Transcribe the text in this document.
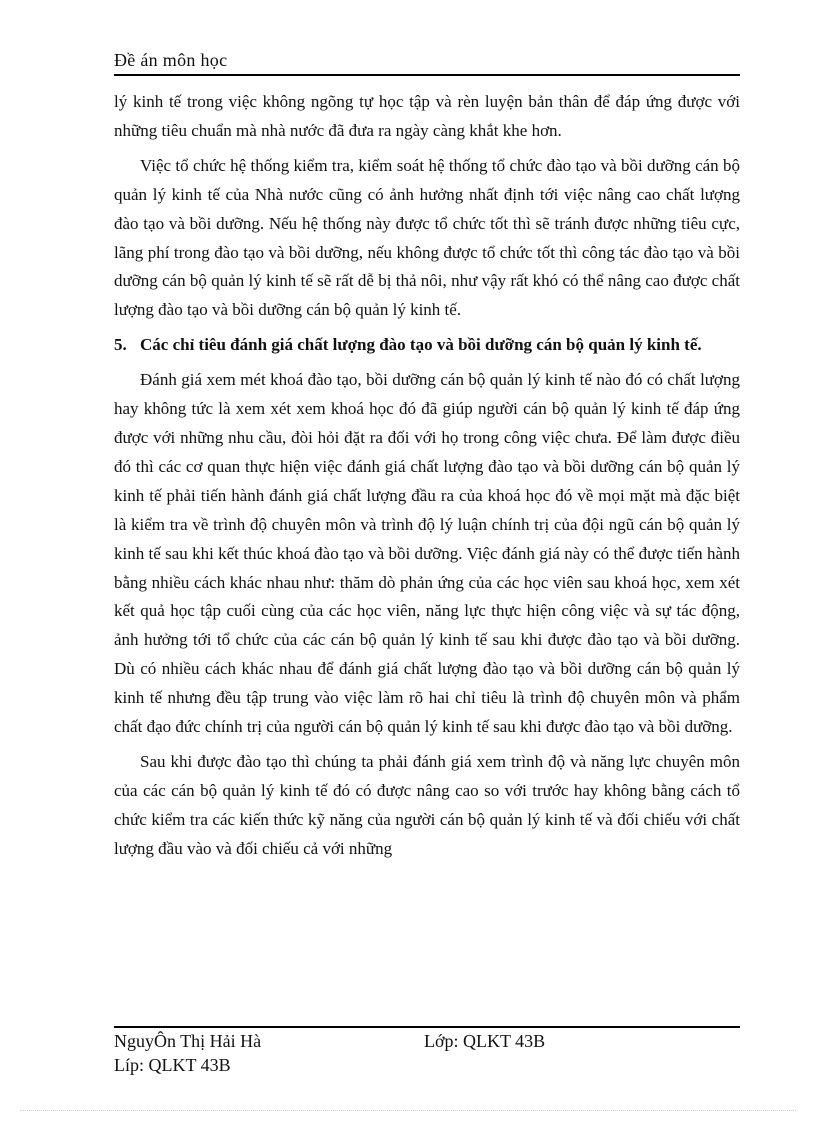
Đề án môn học

lý kinh tế trong việc không ngõng tự học tập và rèn luyện bản thân để đáp ứng được với những tiêu chuẩn mà nhà nước đã đưa ra ngày càng khắt khe hơn.

Việc tổ chức hệ thống kiểm tra, kiểm soát hệ thống tổ chức đào tạo và bồi dưỡng cán bộ quản lý kinh tế của Nhà nước cũng có ảnh hưởng nhất định tới việc nâng cao chất lượng đào tạo và bồi dưỡng. Nếu hệ thống này được tổ chức tốt thì sẽ tránh được những tiêu cực, lãng phí trong đào tạo và bồi dưỡng, nếu không được tổ chức tốt thì công tác đào tạo và bồi dưỡng cán bộ quản lý kinh tế sẽ rất dễ bị thả nôi, như vậy rất khó có thể nâng cao được chất lượng đào tạo và bồi dưỡng cán bộ quản lý kinh tế.

5. Các chỉ tiêu đánh giá chất lượng đào tạo và bồi dưỡng cán bộ quản lý kinh tế.

Đánh giá xem mét khoá đào tạo, bồi dưỡng cán bộ quản lý kinh tế nào đó có chất lượng hay không tức là xem xét xem khoá học đó đã giúp người cán bộ quản lý kinh tế đáp ứng được với những nhu cầu, đòi hỏi đặt ra đối với họ trong công việc chưa. Để làm được điều đó thì các cơ quan thực hiện việc đánh giá chất lượng đào tạo và bồi dưỡng cán bộ quản lý kinh tế phải tiến hành đánh giá chất lượng đầu ra của khoá học đó về mọi mặt mà đặc biệt là kiểm tra về trình độ chuyên môn và trình độ lý luận chính trị của đội ngũ cán bộ quản lý kinh tế sau khi kết thúc khoá đào tạo và bồi dưỡng. Việc đánh giá này có thể được tiến hành bằng nhiều cách khác nhau như: thăm dò phản ứng của các học viên sau khoá học, xem xét kết quả học tập cuối cùng của các học viên, năng lực thực hiện công việc và sự tác động, ảnh hưởng tới tổ chức của các cán bộ quản lý kinh tế sau khi được đào tạo và bồi dưỡng. Dù có nhiều cách khác nhau để đánh giá chất lượng đào tạo và bồi dưỡng cán bộ quản lý kinh tế nhưng đều tập trung vào việc làm rõ hai chỉ tiêu là trình độ chuyên môn và phẩm chất đạo đức chính trị của người cán bộ quản lý kinh tế sau khi được đào tạo và bồi dưỡng.

Sau khi được đào tạo thì chúng ta phải đánh giá xem trình độ và năng lực chuyên môn của các cán bộ quản lý kinh tế đó có được nâng cao so với trước hay không bằng cách tổ chức kiểm tra các kiến thức kỹ năng của người cán bộ quản lý kinh tế và đối chiếu với chất lượng đầu vào và đối chiếu cả với những

NguyÔn Thị Hải Hà	Lớp: QLKT 43B
Líp: QLKT 43B
